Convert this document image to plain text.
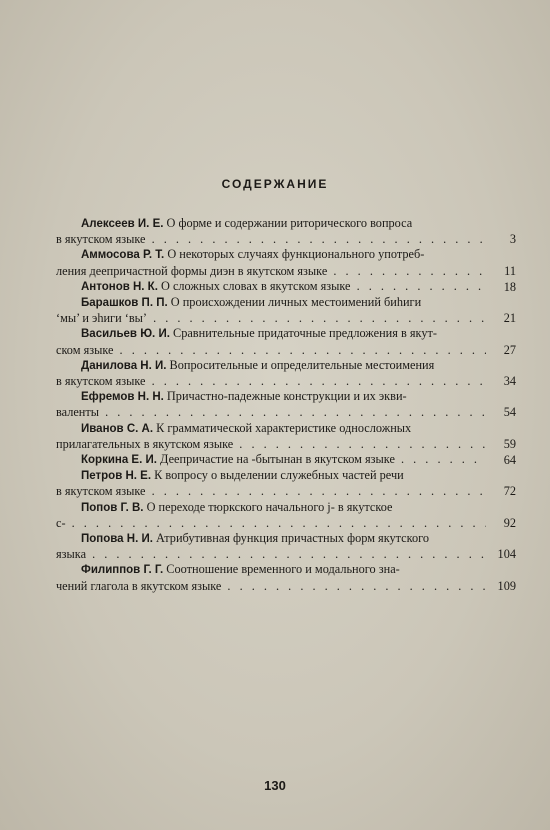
СОДЕРЖАНИЕ
Алексеев И. Е. О форме и содержании риторического вопроса
в якутском языке . . .	3
Аммосова Р. Т. О некоторых случаях функционального употреб-
ления деепричастной формы диэн в якутском языке . . .	11
Антонов Н. К. О сложных словах в якутском языке . . .	18
Барашков П. П. О происхождении личных местоимений биһиги
‘мы’ и эһиги ‘вы’ . . .	21
Васильев Ю. И. Сравнительные придаточные предложения в якут-
ском языке . . .	27
Данилова Н. И. Вопросительные и определительные местоимения
в якутском языке . . .	34
Ефремов Н. Н. Причастно-падежные конструкции и их экви-
валенты . . .	54
Иванов С. А. К грамматической характеристике односложных
прилагательных в якутском языке . . .	59
Коркина Е. И. Деепричастие на -бытынан в якутском языке . . .	64
Петров Н. Е. К вопросу о выделении служебных частей речи
в якутском языке . . .	72
Попов Г. В. О переходе тюркского начального j- в якутское
с- . . .	92
Попова Н. И. Атрибутивная функция причастных форм якутского
языка . . .	104
Филиппов Г. Г. Соотношение временного и модального зна-
чений глагола в якутском языке . . .	109
130
